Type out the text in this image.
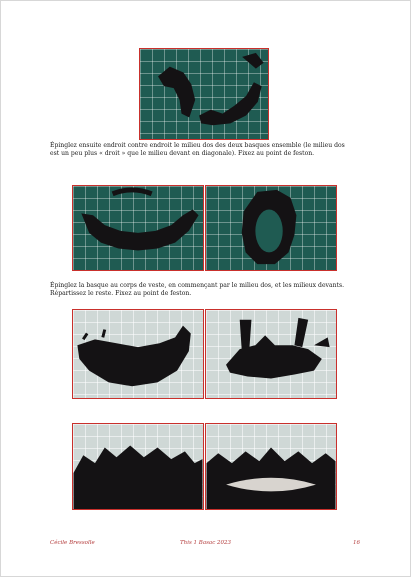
Épinglez ensuite endroit contre endroit le milieu dos des deux basques ensemble (le milieu dos est un peu plus « droit » que le milieu devant en diagonale). Fixez au point de feston.

Épinglez la basque au corps de veste, en commençant par le milieu dos, et les milieux devants. Répartissez le reste. Fixez au point de feston.

Cécile Bressolle	This 1 Basac 2023	16
